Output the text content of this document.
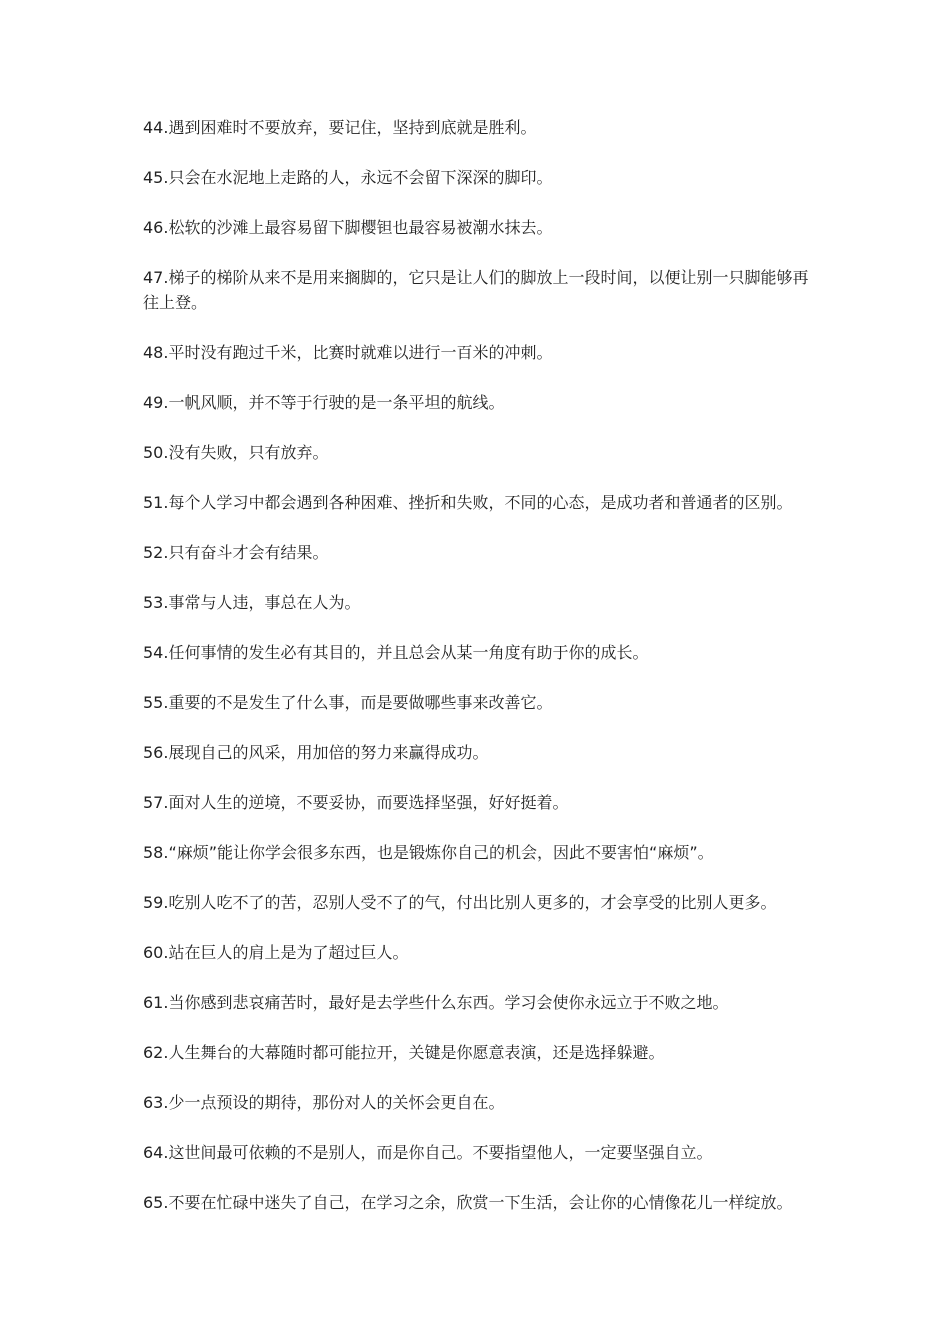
44.遇到困难时不要放弃，要记住，坚持到底就是胜利。

45.只会在水泥地上走路的人，永远不会留下深深的脚印。

46.松软的沙滩上最容易留下脚樱钽也最容易被潮水抹去。

47.梯子的梯阶从来不是用来搁脚的，它只是让人们的脚放上一段时间，以便让别一只脚能够再往上登。

48.平时没有跑过千米，比赛时就难以进行一百米的冲刺。

49.一帆风顺，并不等于行驶的是一条平坦的航线。

50.没有失败，只有放弃。

51.每个人学习中都会遇到各种困难、挫折和失败，不同的心态，是成功者和普通者的区别。

52.只有奋斗才会有结果。

53.事常与人违，事总在人为。

54.任何事情的发生必有其目的，并且总会从某一角度有助于你的成长。

55.重要的不是发生了什么事，而是要做哪些事来改善它。

56.展现自己的风采，用加倍的努力来赢得成功。

57.面对人生的逆境，不要妥协，而要选择坚强，好好挺着。

58.“麻烦”能让你学会很多东西，也是锻炼你自己的机会，因此不要害怕“麻烦”。

59.吃别人吃不了的苦，忍别人受不了的气，付出比别人更多的，才会享受的比别人更多。

60.站在巨人的肩上是为了超过巨人。

61.当你感到悲哀痛苦时，最好是去学些什么东西。学习会使你永远立于不败之地。

62.人生舞台的大幕随时都可能拉开，关键是你愿意表演，还是选择躲避。

63.少一点预设的期待，那份对人的关怀会更自在。

64.这世间最可依赖的不是别人，而是你自己。不要指望他人，一定要坚强自立。

65.不要在忙碌中迷失了自己，在学习之余，欣赏一下生活，会让你的心情像花儿一样绽放。
